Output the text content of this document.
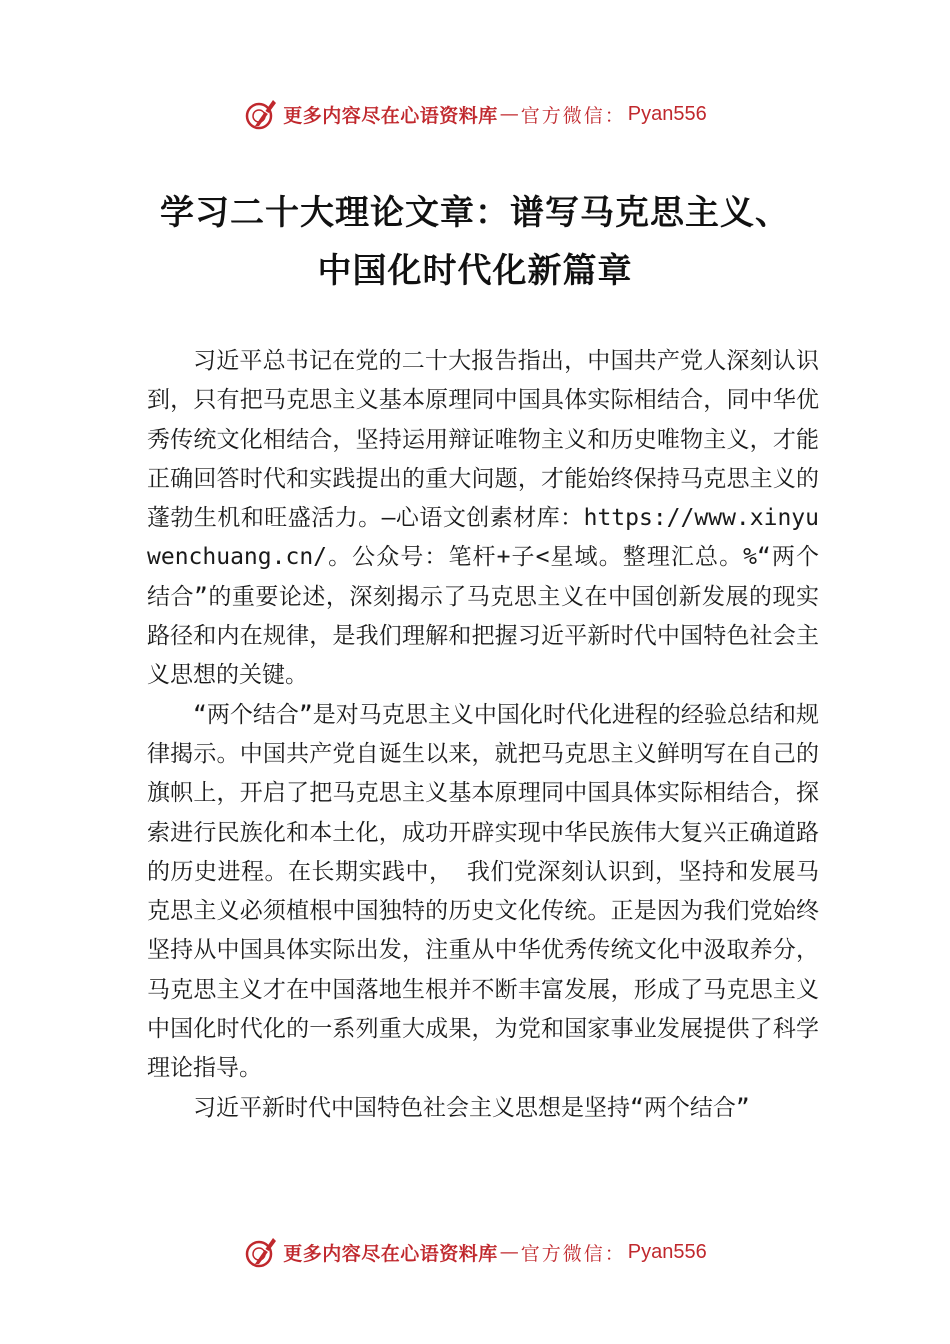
更多内容尽在心语资料库 — 官方微信： Pyan556
学习二十大理论文章：谱写马克思主义、
中国化时代化新篇章

习近平总书记在党的二十大报告指出，中国共产党人深刻认识到，只有把马克思主义基本原理同中国具体实际相结合，同中华优秀传统文化相结合，坚持运用辩证唯物主义和历史唯物主义，才能正确回答时代和实践提出的重大问题，才能始终保持马克思主义的蓬勃生机和旺盛活力。—心语文创素材库：https://www.xinyuwenchuang.cn/。公众号：笔杆+子<星域。整理汇总。%“两个结合”的重要论述，深刻揭示了马克思主义在中国创新发展的现实路径和内在规律，是我们理解和把握习近平新时代中国特色社会主义思想的关键。

“两个结合”是对马克思主义中国化时代化进程的经验总结和规律揭示。中国共产党自诞生以来，就把马克思主义鲜明写在自己的旗帜上，开启了把马克思主义基本原理同中国具体实际相结合，探索进行民族化和本土化，成功开辟实现中华民族伟大复兴正确道路的历史进程。在长期实践中， 我们党深刻认识到，坚持和发展马克思主义必须植根中国独特的历史文化传统。正是因为我们党始终坚持从中国具体实际出发，注重从中华优秀传统文化中汲取养分，马克思主义才在中国落地生根并不断丰富发展，形成了马克思主义中国化时代化的一系列重大成果，为党和国家事业发展提供了科学理论指导。

习近平新时代中国特色社会主义思想是坚持“两个结合”

更多内容尽在心语资料库 — 官方微信： Pyan556
